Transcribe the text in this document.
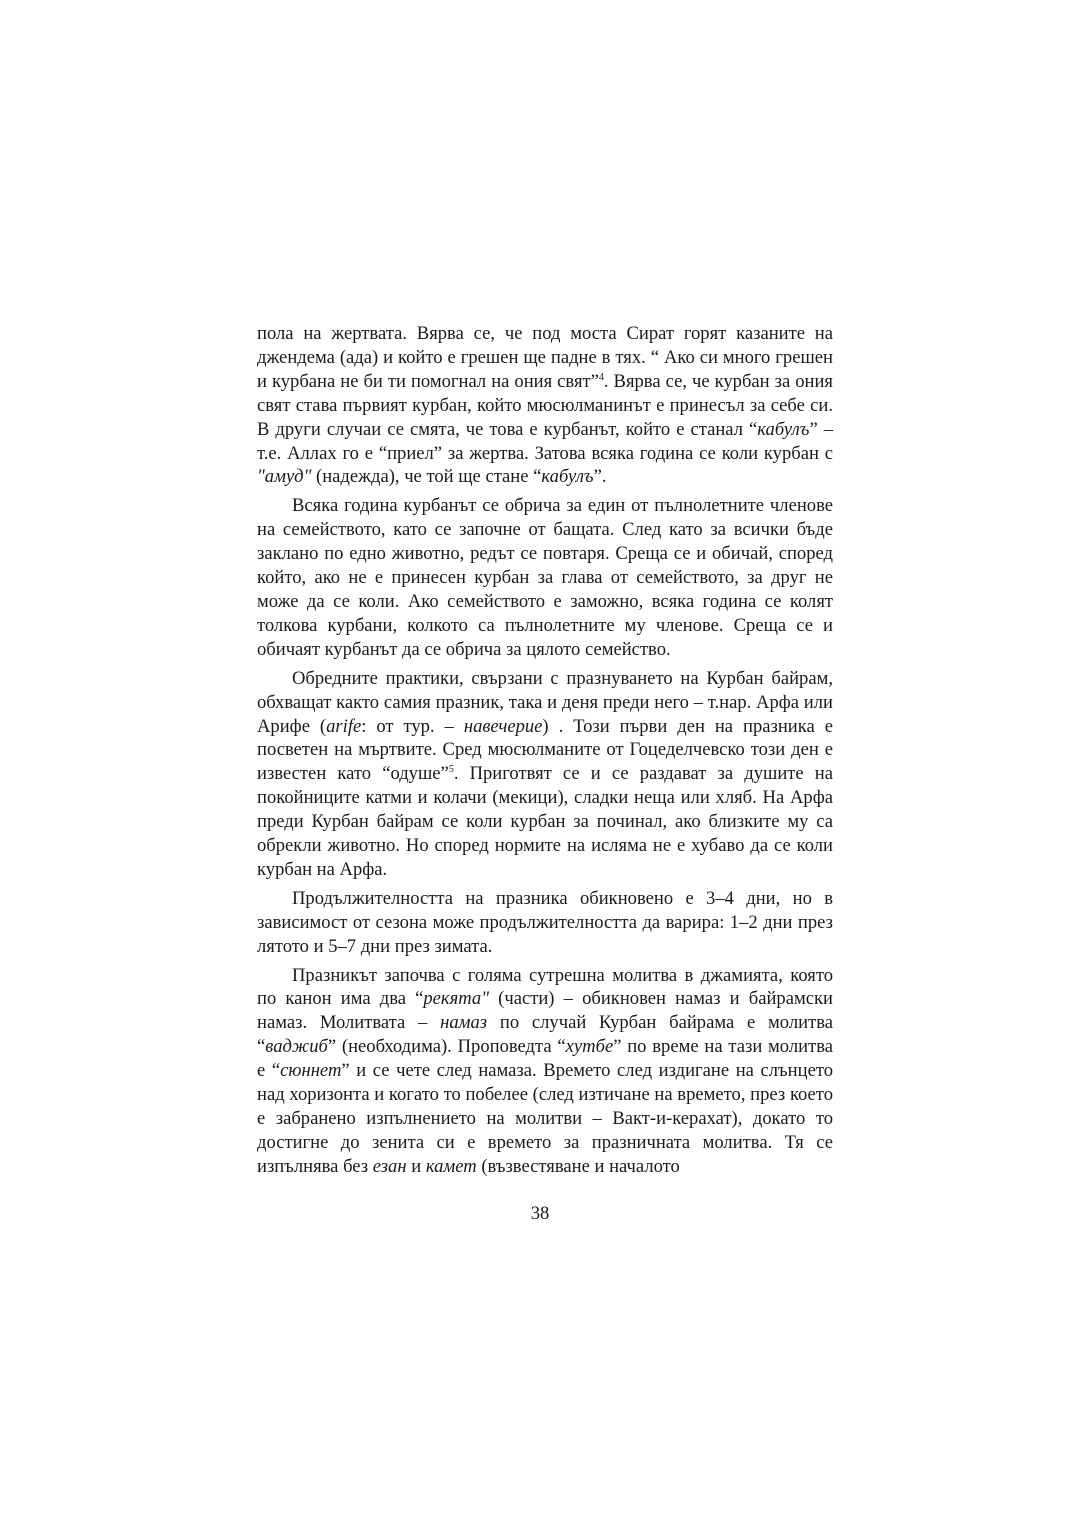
пола на жертвата. Вярва се, че под моста Сират горят казаните на джендема (ада) и който е грешен ще падне в тях. “ Ако си много грешен и курбана не би ти помогнал на ония свят”$^4$. Вярва се, че курбан за ония свят става първият курбан, който мюсюлманинът е принесъл за себе си. В други случаи се смята, че това е курбанът, който е станал “кабулъ” – т.е. Аллах го е “приел” за жертва. Затова всяка година се коли курбан с "амуд" (надежда), че той ще стане “кабулъ”.

Всяка година курбанът се обрича за един от пълнолетните членове на семейството, като се започне от бащата. След като за всички бъде заклано по едно животно, редът се повтаря. Среща се и обичай, според който, ако не е принесен курбан за глава от семейството, за друг не може да се коли. Ако семейството е заможно, всяка година се колят толкова курбани, колкото са пълнолетните му членове. Среща се и обичаят курбанът да се обрича за цялото семейство.

Обредните практики, свързани с празнуването на Курбан байрам, обхващат както самия празник, така и деня преди него – т.нар. Арфа или Арифе (arife: от тур. – навечерие) . Този първи ден на празника е посветен на мъртвите. Сред мюсюлманите от Гоцеделчевско този ден е известен като “одуше”$^5$. Приготвят се и се раздават за душите на покойниците катми и колачи (мекици), сладки неща или хляб. На Арфа преди Курбан байрам се коли курбан за починал, ако близките му са обрекли животно. Но според нормите на исляма не е хубаво да се коли курбан на Арфа.

Продължителността на празника обикновено е 3–4 дни, но в зависимост от сезона може продължителността да варира: 1–2 дни през лятото и 5–7 дни през зимата.

Празникът започва с голяма сутрешна молитва в джамията, която по канон има два “рекята" (части) – обикновен намаз и байрамски намаз. Молитвата – намаз по случай Курбан байрама е молитва “ваджиб” (необходима). Проповедта “хутбе” по време на тази молитва е “сюннет” и се чете след намаза. Времето след издигане на слънцето над хоризонта и когато то побелее (след изтичане на времето, през което е забранено изпълнението на молитви – Вакт-и-керахат), докато то достигне до зенита си е времето за празничната молитва. Тя се изпълнява без езан и камет (възвестяване и началото

38
